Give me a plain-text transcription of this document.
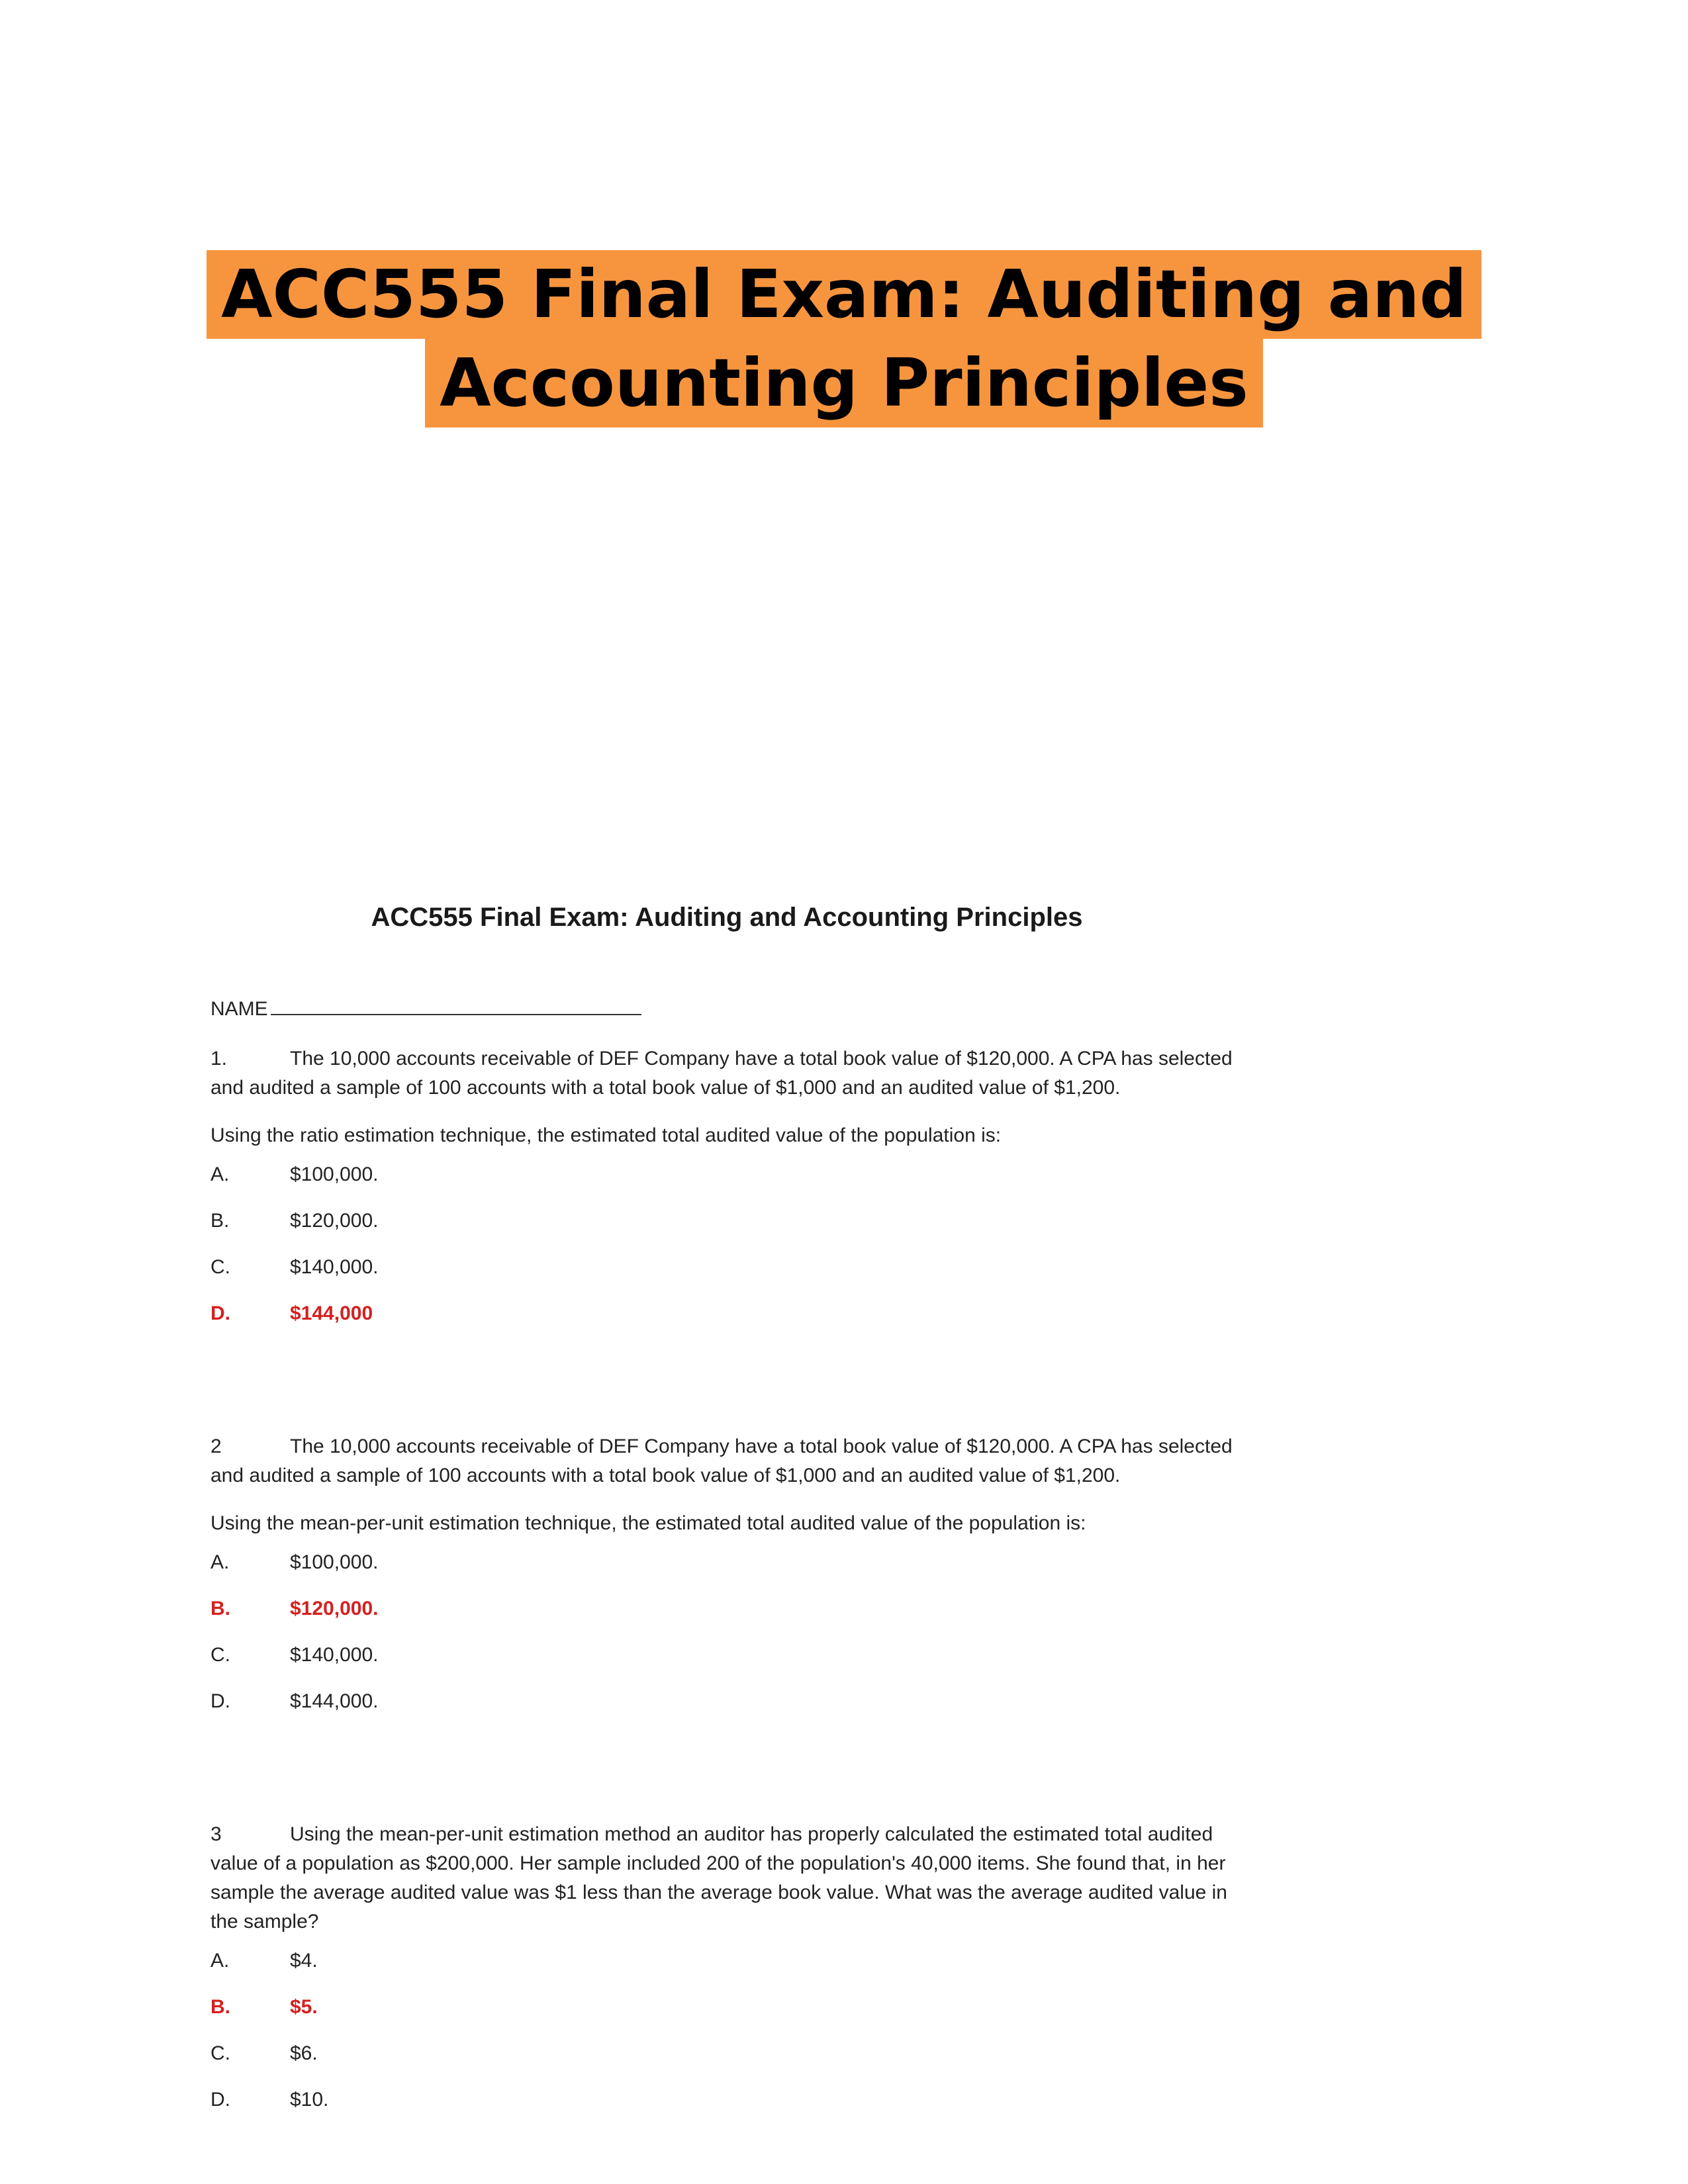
ACC555 Final Exam: Auditing and
Accounting Principles
ACC555 Final Exam: Auditing and Accounting Principles
NAME
1.	The 10,000 accounts receivable of DEF Company have a total book value of $120,000. A CPA has selected and audited a sample of 100 accounts with a total book value of $1,000 and an audited value of $1,200.
Using the ratio estimation technique, the estimated total audited value of the population is:
A.	$100,000.
B.	$120,000.
C.	$140,000.
D.	$144,000
2	The 10,000 accounts receivable of DEF Company have a total book value of $120,000. A CPA has selected and audited a sample of 100 accounts with a total book value of $1,000 and an audited value of $1,200.
Using the mean-per-unit estimation technique, the estimated total audited value of the population is:
A.	$100,000.
B.	$120,000.
C.	$140,000.
D.	$144,000.
3	Using the mean-per-unit estimation method an auditor has properly calculated the estimated total audited value of a population as $200,000. Her sample included 200 of the population's 40,000 items. She found that, in her sample the average audited value was $1 less than the average book value. What was the average audited value in the sample?
A.	$4.
B.	$5.
C.	$6.
D.	$10.
